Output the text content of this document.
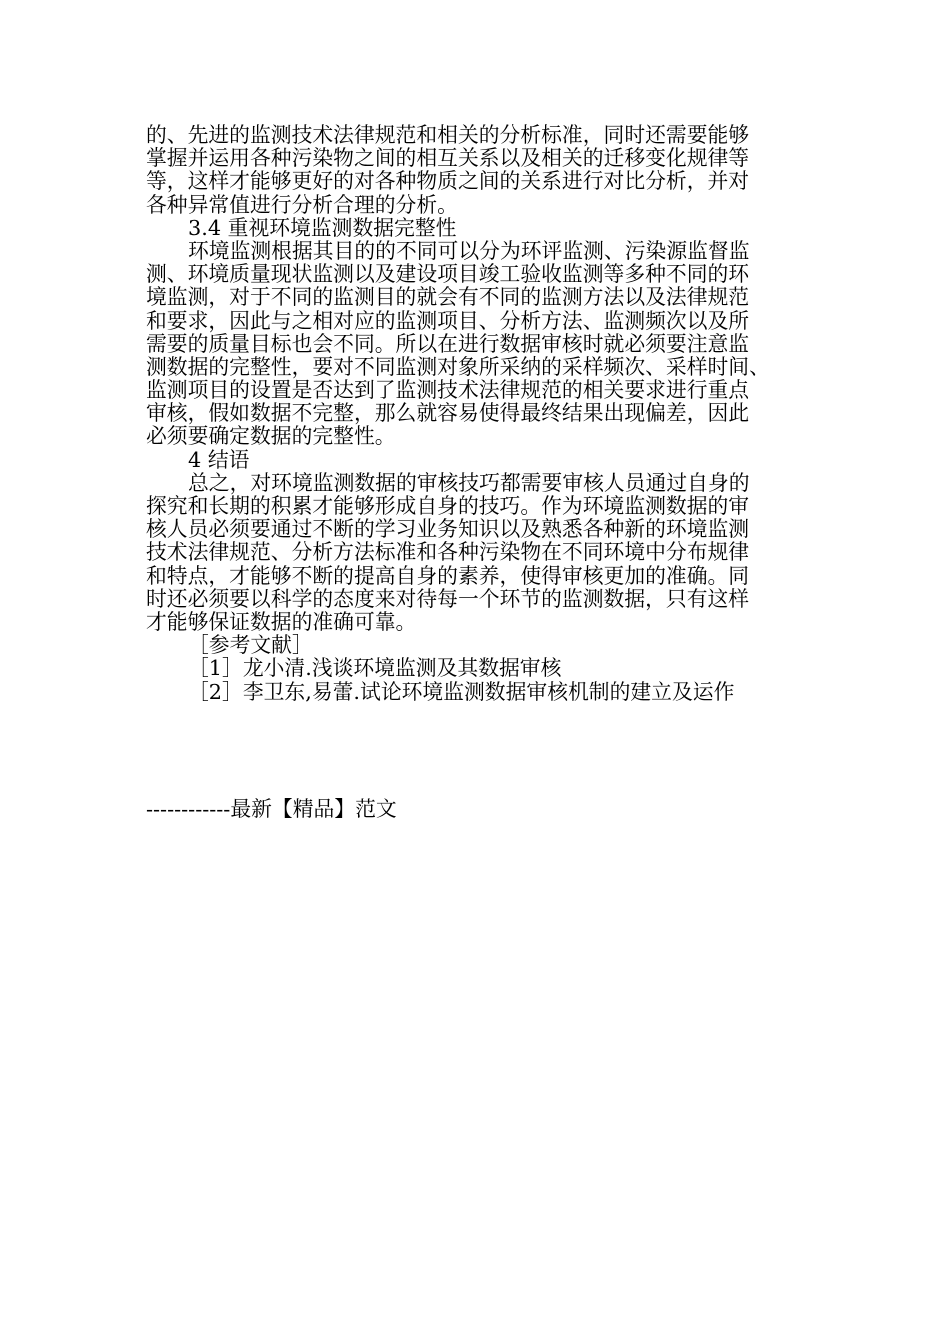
的、先进的监测技术法律规范和相关的分析标准，同时还需要能够
掌握并运用各种污染物之间的相互关系以及相关的迁移变化规律等
等，这样才能够更好的对各种物质之间的关系进行对比分析，并对
各种异常值进行分析合理的分析。
3.4 重视环境监测数据完整性
环境监测根据其目的的不同可以分为环评监测、污染源监督监
测、环境质量现状监测以及建设项目竣工验收监测等多种不同的环
境监测，对于不同的监测目的就会有不同的监测方法以及法律规范
和要求，因此与之相对应的监测项目、分析方法、监测频次以及所
需要的质量目标也会不同。所以在进行数据审核时就必须要注意监
测数据的完整性，要对不同监测对象所采纳的采样频次、采样时间、
监测项目的设置是否达到了监测技术法律规范的相关要求进行重点
审核，假如数据不完整，那么就容易使得最终结果出现偏差，因此
必须要确定数据的完整性。
4 结语
总之，对环境监测数据的审核技巧都需要审核人员通过自身的
探究和长期的积累才能够形成自身的技巧。作为环境监测数据的审
核人员必须要通过不断的学习业务知识以及熟悉各种新的环境监测
技术法律规范、分析方法标准和各种污染物在不同环境中分布规律
和特点，才能够不断的提高自身的素养，使得审核更加的准确。同
时还必须要以科学的态度来对待每一个环节的监测数据，只有这样
才能够保证数据的准确可靠。
［参考文献］
［1］龙小清.浅谈环境监测及其数据审核
［2］李卫东,易蕾.试论环境监测数据审核机制的建立及运作
------------最新【精品】范文
